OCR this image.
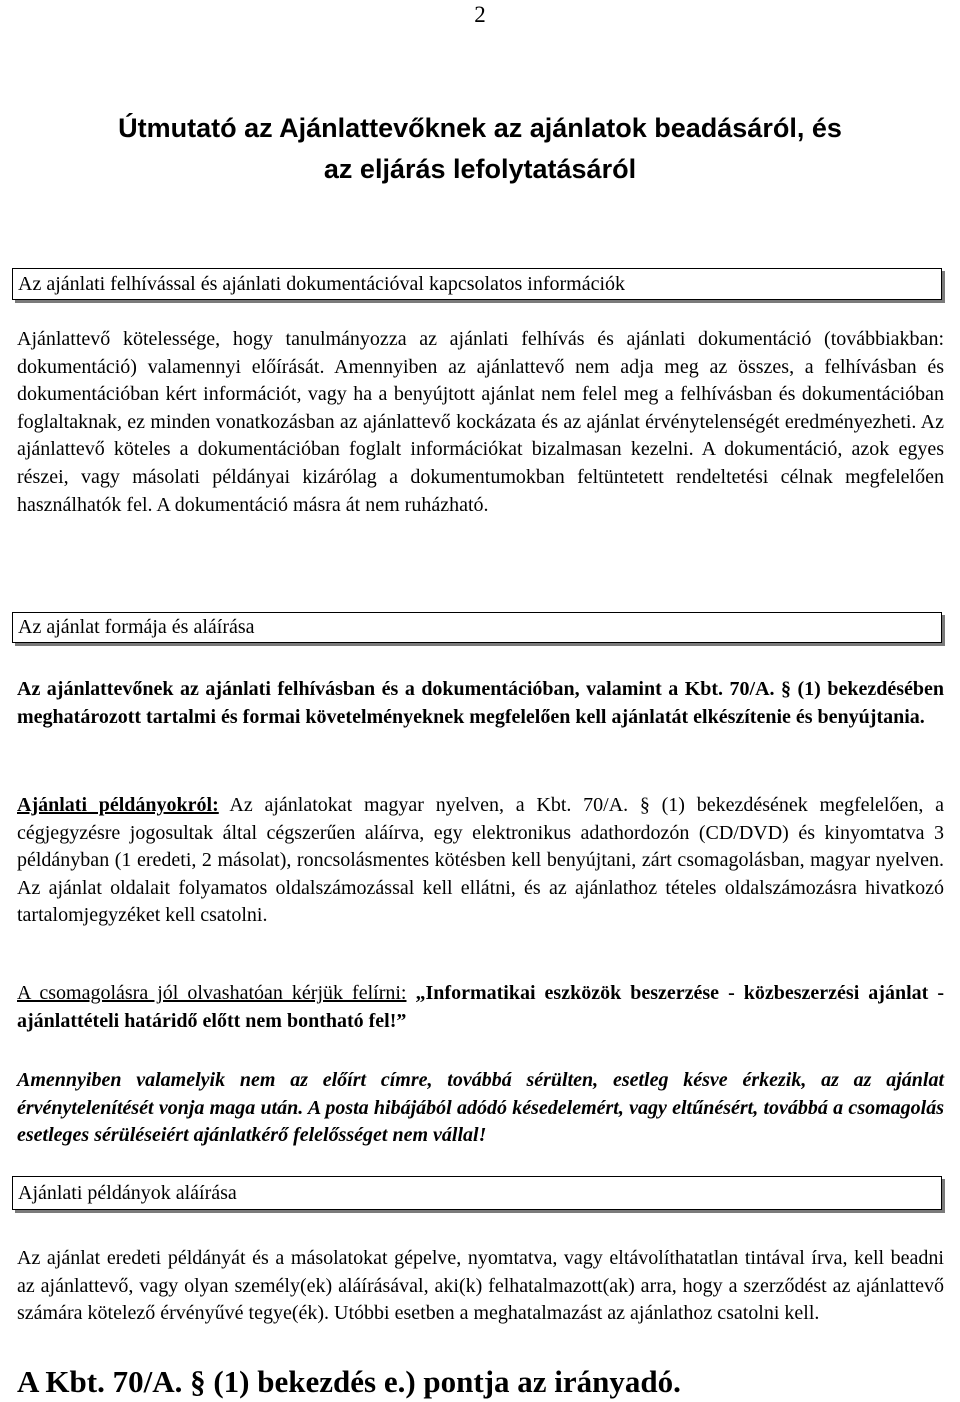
2
Útmutató az Ajánlattevőknek az ajánlatok beadásáról, és
az eljárás lefolytatásáról
Az ajánlati felhívással és ajánlati dokumentációval kapcsolatos információk
Ajánlattevő kötelessége, hogy tanulmányozza az ajánlati felhívás és ajánlati dokumentáció (továbbiakban: dokumentáció) valamennyi előírását. Amennyiben az ajánlattevő nem adja meg az összes, a felhívásban és dokumentációban kért információt, vagy ha a benyújtott ajánlat nem felel meg a felhívásban és dokumentációban foglaltaknak, ez minden vonatkozásban az ajánlattevő kockázata és az ajánlat érvénytelenségét eredményezheti. Az ajánlattevő köteles a dokumentációban foglalt információkat bizalmasan kezelni. A dokumentáció, azok egyes részei, vagy másolati példányai kizárólag a dokumentumokban feltüntetett rendeltetési célnak megfelelően használhatók fel. A dokumentáció másra át nem ruházható.
Az ajánlat formája és aláírása
Az ajánlattevőnek az ajánlati felhívásban és a dokumentációban, valamint a Kbt. 70/A. § (1) bekezdésében meghatározott tartalmi és formai követelményeknek megfelelően kell ajánlatát elkészítenie és benyújtania.
Ajánlati példányokról: Az ajánlatokat magyar nyelven, a Kbt. 70/A. § (1) bekezdésének megfelelően, a cégjegyzésre jogosultak által cégszerűen aláírva, egy elektronikus adathordozón (CD/DVD) és kinyomtatva 3 példányban (1 eredeti, 2 másolat), roncsolásmentes kötésben kell benyújtani, zárt csomagolásban, magyar nyelven. Az ajánlat oldalait folyamatos oldalszámozással kell ellátni, és az ajánlathoz tételes oldalszámozásra hivatkozó tartalomjegyzéket kell csatolni.
A csomagolásra jól olvashatóan kérjük felírni: „Informatikai eszközök beszerzése - közbeszerzési ajánlat - ajánlattételi határidő előtt nem bontható fel!”
Amennyiben valamelyik nem az előírt címre, továbbá sérülten, esetleg késve érkezik, az az ajánlat érvénytelenítését vonja maga után. A posta hibájából adódó késedelemért, vagy eltűnésért, továbbá a csomagolás esetleges sérüléseiért ajánlatkérő felelősséget nem vállal!
Ajánlati példányok aláírása
Az ajánlat eredeti példányát és a másolatokat gépelve, nyomtatva, vagy eltávolíthatatlan tintával írva, kell beadni az ajánlattevő, vagy olyan személy(ek) aláírásával, aki(k) felhatalmazott(ak) arra, hogy a szerződést az ajánlattevő számára kötelező érvényűvé tegye(ék). Utóbbi esetben a meghatalmazást az ajánlathoz csatolni kell.
A Kbt. 70/A. § (1) bekezdés e.) pontja az irányadó.
